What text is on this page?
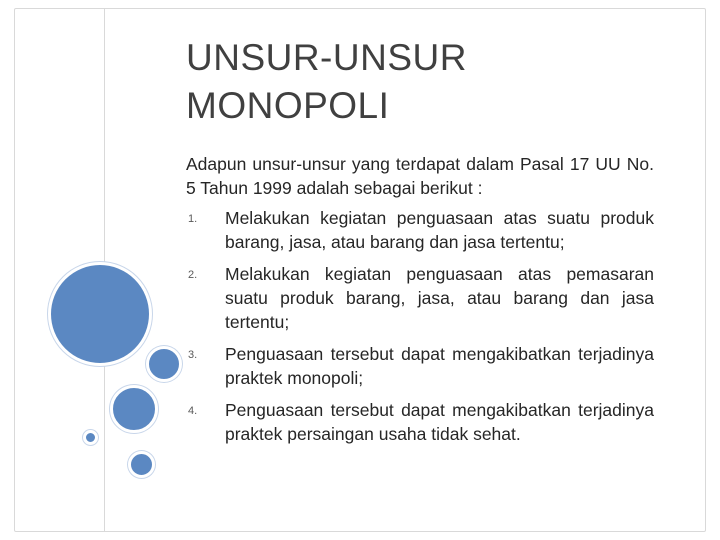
UNSUR-UNSUR
MONOPOLI
Adapun unsur-unsur yang terdapat dalam Pasal 17 UU No. 5 Tahun 1999 adalah sebagai berikut :
1. Melakukan kegiatan penguasaan atas suatu produk barang, jasa, atau barang dan jasa tertentu;
2. Melakukan kegiatan penguasaan atas pemasaran suatu produk barang, jasa, atau barang dan jasa tertentu;
3. Penguasaan tersebut dapat mengakibatkan terjadinya praktek monopoli;
4. Penguasaan tersebut dapat mengakibatkan terjadinya praktek persaingan usaha tidak sehat.
